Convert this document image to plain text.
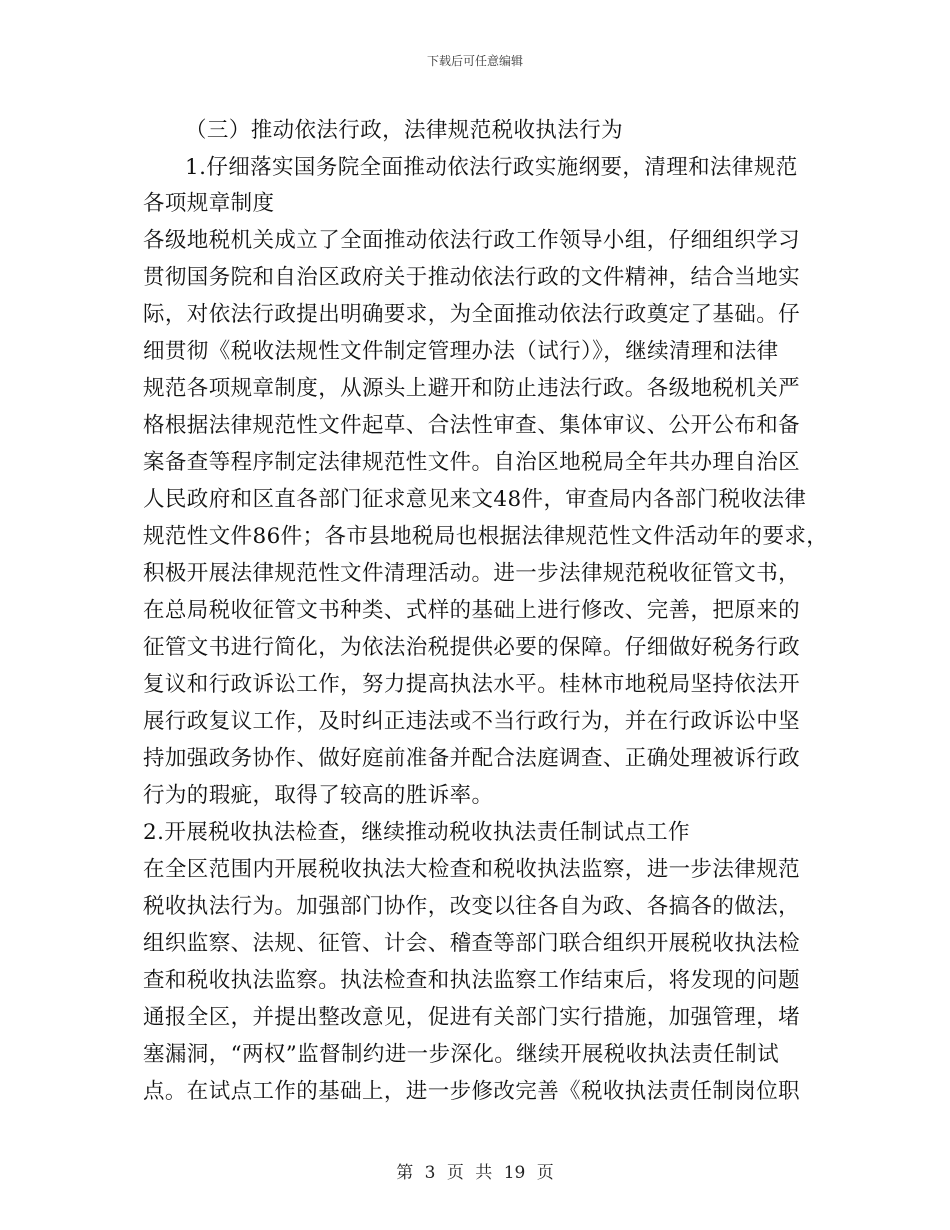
下载后可任意编辑
（三）推动依法行政，法律规范税收执法行为
1.仔细落实国务院全面推动依法行政实施纲要，清理和法律规范
各项规章制度
各级地税机关成立了全面推动依法行政工作领导小组，仔细组织学习
贯彻国务院和自治区政府关于推动依法行政的文件精神，结合当地实
际，对依法行政提出明确要求，为全面推动依法行政奠定了基础。仔
细贯彻《税收法规性文件制定管理办法（试行）》，继续清理和法律
规范各项规章制度，从源头上避开和防止违法行政。各级地税机关严
格根据法律规范性文件起草、合法性审查、集体审议、公开公布和备
案备查等程序制定法律规范性文件。自治区地税局全年共办理自治区
人民政府和区直各部门征求意见来文48件，审查局内各部门税收法律
规范性文件86件；各市县地税局也根据法律规范性文件活动年的要求，
积极开展法律规范性文件清理活动。进一步法律规范税收征管文书，
在总局税收征管文书种类、式样的基础上进行修改、完善，把原来的
征管文书进行简化，为依法治税提供必要的保障。仔细做好税务行政
复议和行政诉讼工作，努力提高执法水平。桂林市地税局坚持依法开
展行政复议工作，及时纠正违法或不当行政行为，并在行政诉讼中坚
持加强政务协作、做好庭前准备并配合法庭调查、正确处理被诉行政
行为的瑕疵，取得了较高的胜诉率。
2.开展税收执法检查，继续推动税收执法责任制试点工作
在全区范围内开展税收执法大检查和税收执法监察，进一步法律规范
税收执法行为。加强部门协作，改变以往各自为政、各搞各的做法，
组织监察、法规、征管、计会、稽查等部门联合组织开展税收执法检
查和税收执法监察。执法检查和执法监察工作结束后，将发现的问题
通报全区，并提出整改意见，促进有关部门实行措施，加强管理，堵
塞漏洞，“两权”监督制约进一步深化。继续开展税收执法责任制试
点。在试点工作的基础上，进一步修改完善《税收执法责任制岗位职
第 3 页 共 19 页
